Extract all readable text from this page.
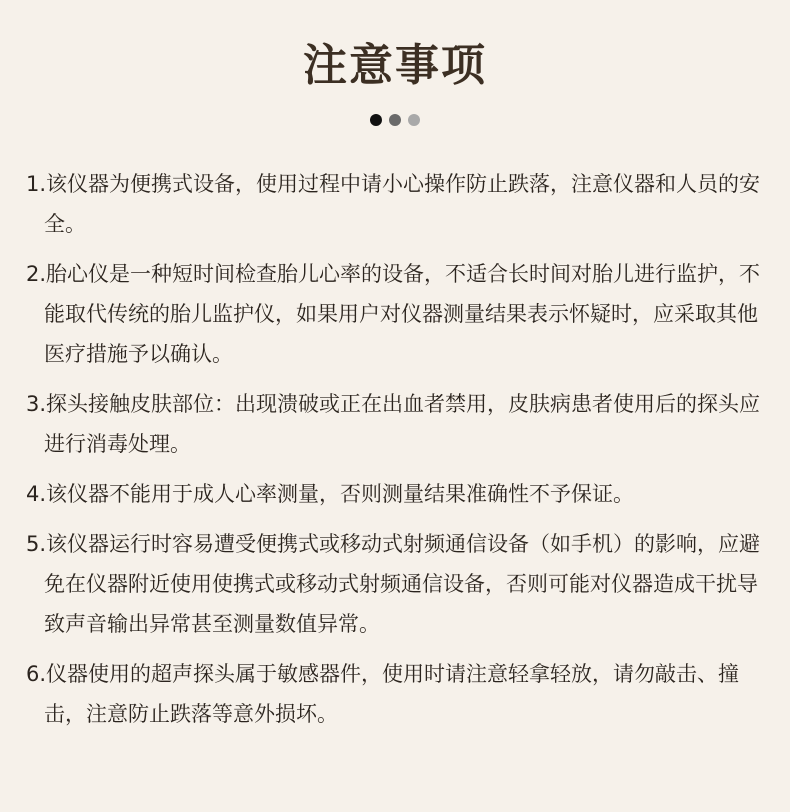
注意事项

1.该仪器为便携式设备，使用过程中请小心操作防止跌落，注意仪器和人员的安全。

2.胎心仪是一种短时间检查胎儿心率的设备，不适合长时间对胎儿进行监护，不能取代传统的胎儿监护仪，如果用户对仪器测量结果表示怀疑时，应采取其他医疗措施予以确认。

3.探头接触皮肤部位：出现溃破或正在出血者禁用，皮肤病患者使用后的探头应进行消毒处理。

4.该仪器不能用于成人心率测量，否则测量结果准确性不予保证。

5.该仪器运行时容易遭受便携式或移动式射频通信设备（如手机）的影响，应避免在仪器附近使用使携式或移动式射频通信设备，否则可能对仪器造成干扰导致声音输出异常甚至测量数值异常。

6.仪器使用的超声探头属于敏感器件，使用时请注意轻拿轻放，请勿敲击、撞击，注意防止跌落等意外损坏。
